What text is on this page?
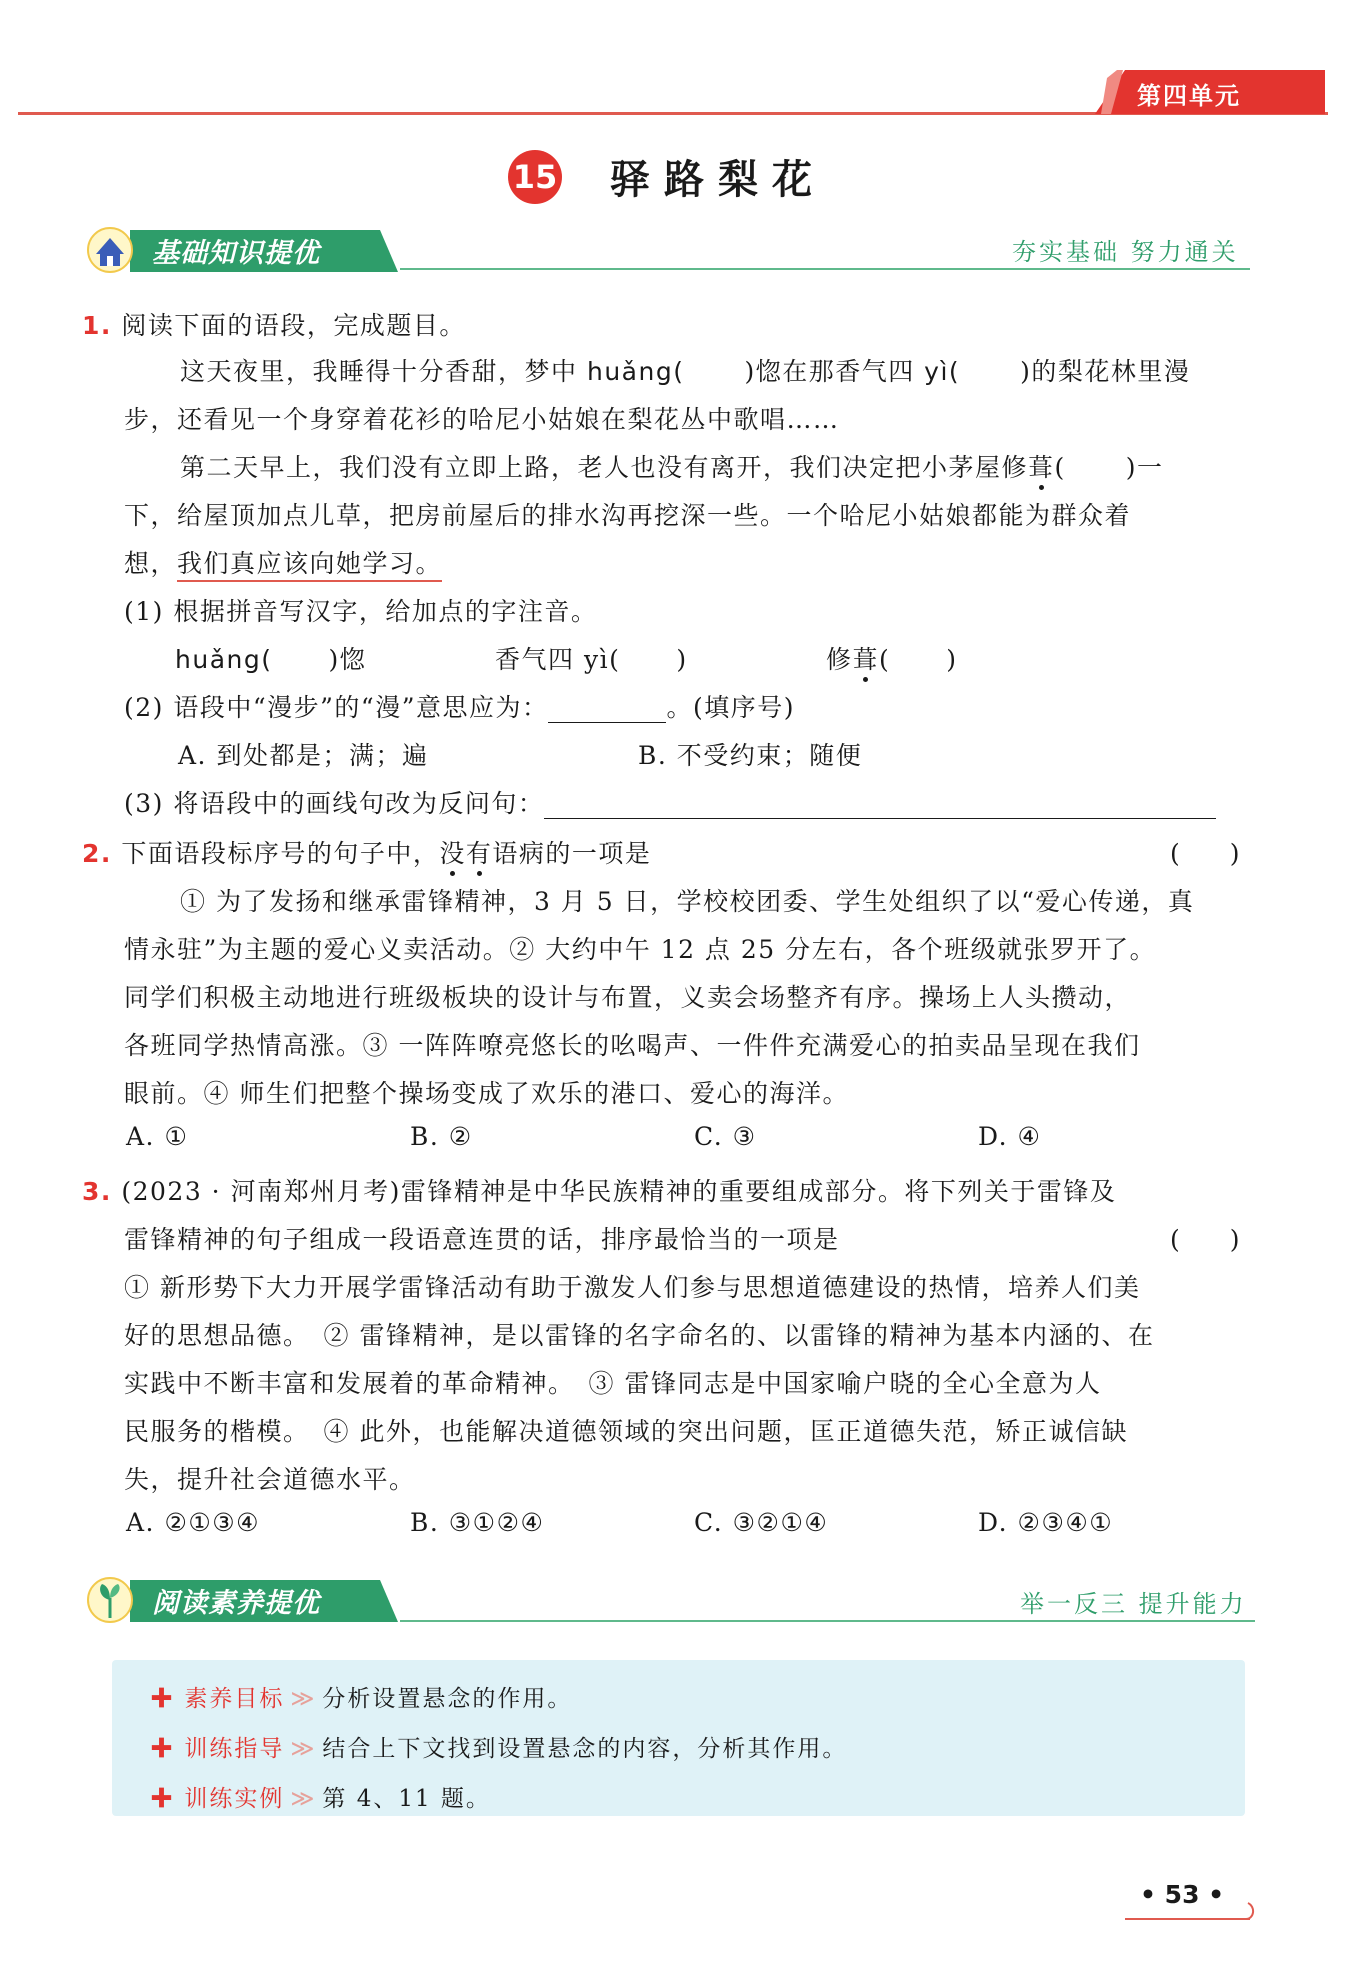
第四单元
15 驿路梨花
基础知识提优	夯实基础 努力通关
1. 阅读下面的语段，完成题目。
这天夜里，我睡得十分香甜，梦中 huǎng( )惚在那香气四 yì( )的梨花林里漫
步，还看见一个身穿着花衫的哈尼小姑娘在梨花丛中歌唱……
第二天早上，我们没有立即上路，老人也没有离开，我们决定把小茅屋修葺( )一
下，给屋顶加点儿草，把房前屋后的排水沟再挖深一些。一个哈尼小姑娘都能为群众着
想，我们真应该向她学习。
(1) 根据拼音写汉字，给加点的字注音。
huǎng( )惚	香气四 yì( )	修葺( )
(2) 语段中“漫步”的“漫”意思应为：	。(填序号)
A. 到处都是；满；遍	B. 不受约束；随便
(3) 将语段中的画线句改为反问句：
2. 下面语段标序号的句子中，没有语病的一项是	(　　)
① 为了发扬和继承雷锋精神，3 月 5 日，学校校团委、学生处组织了以“爱心传递，真
情永驻”为主题的爱心义卖活动。② 大约中午 12 点 25 分左右，各个班级就张罗开了。
同学们积极主动地进行班级板块的设计与布置，义卖会场整齐有序。操场上人头攒动，
各班同学热情高涨。③ 一阵阵嘹亮悠长的吆喝声、一件件充满爱心的拍卖品呈现在我们
眼前。④ 师生们把整个操场变成了欢乐的港口、爱心的海洋。
A. ①	B. ②	C. ③	D. ④
3. (2023 · 河南郑州月考)雷锋精神是中华民族精神的重要组成部分。将下列关于雷锋及
雷锋精神的句子组成一段语意连贯的话，排序最恰当的一项是	(　　)
① 新形势下大力开展学雷锋活动有助于激发人们参与思想道德建设的热情，培养人们美
好的思想品德。　② 雷锋精神，是以雷锋的名字命名的、以雷锋的精神为基本内涵的、在
实践中不断丰富和发展着的革命精神。　③ 雷锋同志是中国家喻户晓的全心全意为人
民服务的楷模。　④ 此外，也能解决道德领域的突出问题，匡正道德失范，矫正诚信缺
失，提升社会道德水平。
A. ②①③④	B. ③①②④	C. ③②①④	D. ②③④①
阅读素养提优	举一反三 提升能力
✚ 素养目标 ≫ 分析设置悬念的作用。
✚ 训练指导 ≫ 结合上下文找到设置悬念的内容，分析其作用。
✚ 训练实例 ≫ 第 4、11 题。
• 53 •
